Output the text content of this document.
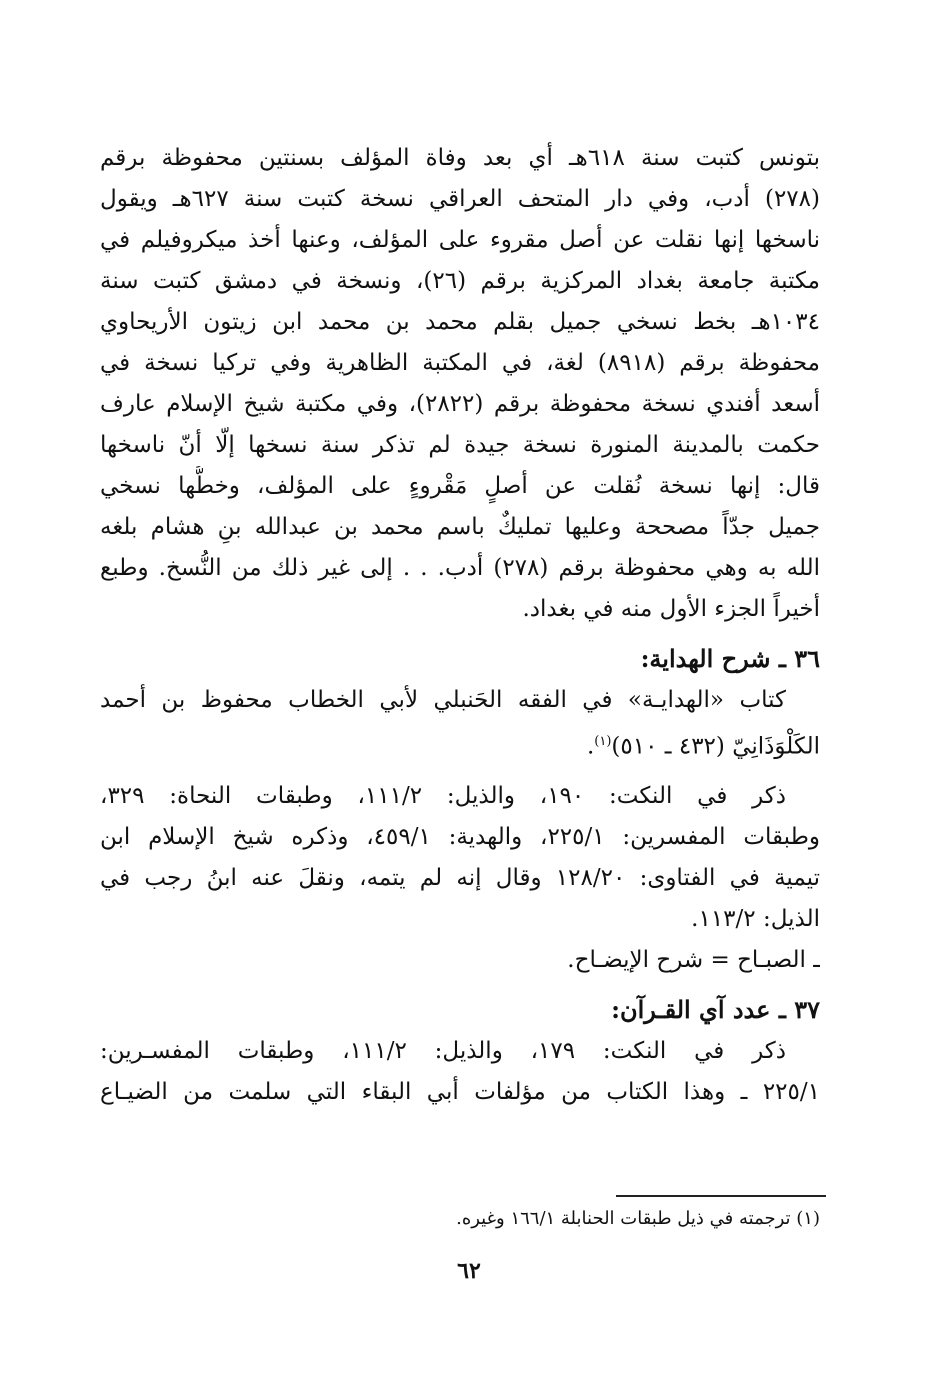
بتونس كتبت سنة ٦١٨هـ أي بعد وفاة المؤلف بسنتين محفوظة برقم
(٢٧٨) أدب، وفي دار المتحف العراقي نسخة كتبت سنة ٦٢٧هـ ويقول
ناسخها إنها نقلت عن أصل مقروء على المؤلف، وعنها أخذ ميكروفيلم في
مكتبة جامعة بغداد المركزية برقم (٢٦)، ونسخة في دمشق كتبت سنة
١٠٣٤هـ بخط نسخي جميل بقلم محمد بن محمد ابن زيتون الأريحاوي
محفوظة برقم (٨٩١٨) لغة، في المكتبة الظاهرية وفي تركيا نسخة في
أسعد أفندي نسخة محفوظة برقم (٢٨٢٢)، وفي مكتبة شيخ الإسلام عارف
حكمت بالمدينة المنورة نسخة جيدة لم تذكر سنة نسخها إلّا أنّ ناسخها
قال: إنها نسخة نُقلت عن أصلٍ مَقْروءٍ على المؤلف، وخطُّها نسخي
جميل جدّاً مصححة وعليها تمليكٌ باسم محمد بن عبدالله بنِ هشام بلغه
الله به وهي محفوظة برقم (٢٧٨) أدب. . . إلى غير ذلك من النُّسخ. وطبع
أخيراً الجزء الأول منه في بغداد.
٣٦ ـ شرح الهداية:
كتاب «الهدايـة» في الفقه الحَنبلي لأبي الخطاب محفوظ بن أحمد
الكَلْوَذَانِيّ (٤٣٢ ـ ٥١٠)$^{(١)}$.
ذكر في النكت: ١٩٠، والذيل: ١١١/٢، وطبقات النحاة: ٣٢٩،
وطبقات المفسرين: ٢٢٥/١، والهدية: ٤٥٩/١، وذكره شيخ الإسلام ابن
تيمية في الفتاوى: ١٢٨/٢٠ وقال إنه لم يتمه، ونقلَ عنه ابنُ رجب في
الذيل: ١١٣/٢.
ـ الصبـاح = شرح الإيضـاح.
٣٧ ـ عدد آي القـرآن:
ذكر في النكت: ١٧٩، والذيل: ١١١/٢، وطبقات المفسـرين:
٢٢٥/١ ـ وهذا الكتاب من مؤلفات أبي البقاء التي سلمت من الضيـاع
(١) ترجمته في ذيل طبقات الحنابلة ١٦٦/١ وغيره.
٦٢
